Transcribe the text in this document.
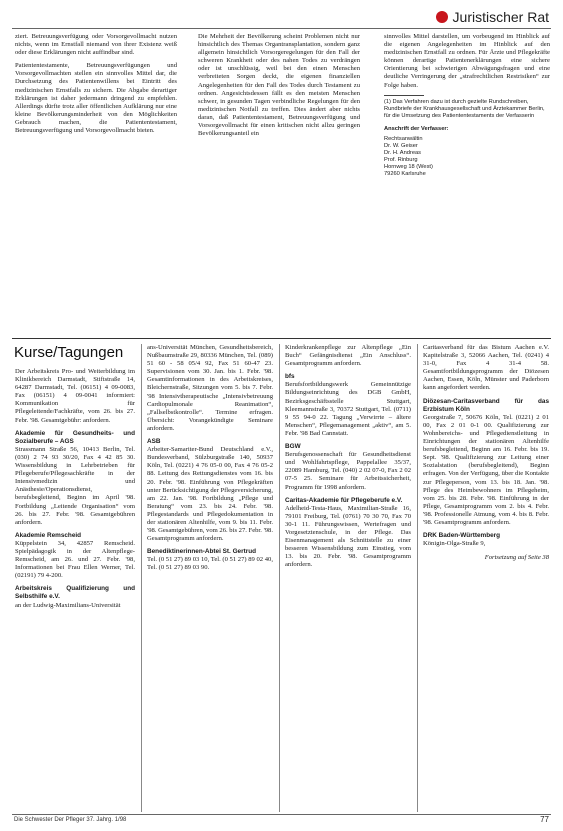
Juristischer Rat

ziert. Betreuungsverfügung oder Vorsorgevollmacht nutzen nichts, wenn im Ernstfall niemand von ihrer Existenz weiß oder diese Erklärungen nicht auffindbar sind.

Patiententestamente, Betreuungsverfügungen und Vorsorgevollmachten stellen ein sinnvolles Mittel dar, die Durchsetzung des Patientenwillens bei Eintritt des medizinischen Ernstfalls zu sichern. Die Abgabe derartiger Erklärungen ist daher jedermann dringend zu empfehlen. Allerdings dürfte trotz aller öffentlichen Aufklärung nur eine kleine Bevölkerungsminderheit von den Möglichkeiten Gebrauch machen, die Patiententestament, Betreuungsverfügung und Vorsorgevollmacht bieten.

Die Mehrheit der Bevölkerung scheint Problemen nicht nur hinsichtlich des Themas Organtransplantation, sondern ganz allgemein hinsichtlich Vorsorgeregelungen für den Fall der schweren Krankheit oder des nahen Todes zu verdrängen oder ist unschlüssig, weil bei den einen Menschen verbreiteten Sorgen deckt, die eigenen finanziellen Angelegenheiten für den Fall des Todes durch Testament zu ordnen. Angesichtsdessen fällt es den meisten Menschen schwer, in gesunden Tagen verbindliche Regelungen für den medizinischen Notfall zu treffen. Dies ändert aber nichts daran, daß Patiententestament, Betreuungsverfügung und Vorsorgevollmacht für einen kritischen nicht allzu geringen Bevölkerungsanteil ein

sinnvolles Mittel darstellen, um vorbeugend im Hinblick auf die eigenen Angelegenheiten im Hinblick auf den medizinischen Ernstfall zu ordnen. Für Ärzte und Pflegekräfte können derartige Patientenerklärungen eine sichere Orientierung bei schwierigen Abwägungsfragen und eine deutliche Verringerung der „strafrechtlichen Restrisiken“ zur Folge haben.

(1) Das Verfahren dazu ist durch gezielte Rundschreiben, Rundbriefe der Krankhausgesellschaft und Ärztekammer Berlin, für die Umsetzung des Patiententestaments der Verfasserin
Anschrift der Verfasser:
Rechtsanwältin
Dr. W. Geiser
Dr. H. Andreas
Prof. Rinburg
Hornweg 18 (West)
79260 Karlsruhe
Kurse/Tagungen

Der Arbeitskreis Pro- und Weiterbildung im Klinikbereich Darmstadt, Stiftstraße 14, 64287 Darmstadt, Tel. (06151) 4 09-0083, Fax (06151) 4 09-0041 informiert: Kommunikation für Pflegeleitende/Fachkräfte, vom 26. bis 27. Febr. '98. Gesamtgebühr: anfordern.

Akademie für Gesundheits- und Sozialberufe – AGS

Strassmann Straße 56, 10413 Berlin, Tel. (030) 2 74 93 30/20, Fax 4 42 85 30. Wissensbildung in Lehrbetrieben für Pflegeberufe/Pflegesachkräfte in der Intensivmedizin und Anästhesie/Operationsdienst, berufsbegleitend, Beginn im April '98. Fortbildung „Leitende Organisation“ vom 26. bis 27. Febr. '98. Gesamtgebühren anfordern.

Akademie Remscheid

Küppelstein 34, 42857 Remscheid. Spielpädagogik in der Altenpflege-Remscheid, am 26. und 27. Febr. '98, Informationen bei Frau Ellen Werner, Tel. (02191) 79 4-200.

Arbeitskreis Qualifizierung und Selbsthilfe e.V.

an der Ludwig-Maximilians-Universität

ans-Universität München, Gesundheitsbereich, Nußbaumstraße 29, 80336 München, Tel. (089) 51 60 - 58 05/4 92, Fax 51 60-47 23. Supervisionen vom 30. Jan. bis 1. Febr. '98. Gesamtinformationen in des Arbeitskreises, Bleichernstraße, Sitzungen vom 5. bis 7. Febr. '98 Intensivtherapeutische „Intensivbetreuung Cardiopulmonale Reanimation“, „Fallselbstkontrolle“. Termine erfragen. Übersicht: Vorangekündigte Seminare anfordern.

ASB

Arbeiter-Samariter-Bund Deutschland e.V., Bundesverband, Sülzburgstraße 140, 50937 Köln, Tel. (0221) 4 76 05-0 00, Fax 4 76 05-2 88. Leitung des Rettungsdienstes vom 16. bis 20. Febr. '98. Einführung von Pflegekräften unter Berücksichtigung der Pflegeversicherung, am 22. Jan. '98. Fortbildung „Pflege und Beratung“ vom 23. bis 24. Febr. '98. Pflegestandards und Pflegedokumentation in der stationären Altenhilfe, vom 9. bis 11. Febr. '98. Gesamtgebühren, vom 26. bis 27. Febr. '98. Gesamtprogramm anfordern.

Benediktinerinnen-Abtei St. Gertrud

Tel. (0 51 27) 89 03 10, Tel. (0 51 27) 89 02 40, Tel. (0 51 27) 89 03 90.

Kinderkrankenpflege zur Altenpflege „Ein Buch“ Gefängnisdienst „Ein Anschluss“. Gesamtprogramm anfordern.

bfs

Berufsfortbildungswerk Gemeinnützige Bildungseinrichtung des DGB GmbH, Bezirksgeschäftsstelle Stuttgart, Kleemannstraße 3, 70372 Stuttgart, Tel. (0711) 9 55 94-0 22. Tagung „Verwirrte – ältere Menschen“, Pflegemanagement „aktiv“, am 5. Febr. '98 Bad Cannstatt.

BGW

Berufsgenossenschaft für Gesundheitsdienst und Wohlfahrtspflege, Pappelallee 35/37, 22089 Hamburg, Tel. (040) 2 02 07-0, Fax 2 02 07-5 25. Seminare für Arbeitssicherheit, Programm für 1998 anfordern.

Caritas-Akademie für Pflegeberufe e.V.

Adelheid-Testa-Haus, Maximilian-Straße 16, 79101 Freiburg, Tel. (0761) 70 30 70, Fax 70 30-1 11. Führungswissen, Wertefragen und Vorgesetztenschule, in der Pflege. Das Eisenmanagement als Schnittstelle zu einer besseren Wissensbildung zum Einstieg, vom 13. bis 20. Febr. '98. Gesamtprogramm anfordern.

Caritasverband für das Bistum Aachen e.V. Kapitelstraße 3, 52066 Aachen, Tel. (0241) 4 31-0, Fax 4 31-4 58. Gesamtfortbildungsprogramm der Diözesen Aachen, Essen, Köln, Münster und Paderborn kann angefordert werden.

Diözesan-Caritasverband für das Erzbistum Köln

Georgstraße 7, 50676 Köln, Tel. (0221) 2 01 00, Fax 2 01 0-1 00. Qualifizierung zur Wohnbereichs- und Pflegedienstleitung in Einrichtungen der stationären Altenhilfe berufsbegleitend, Beginn am 16. Febr. bis 19. Sept. '98. Qualifizierung zur Leitung einer Sozialstation (berufsbegleitend), Beginn erfragen. Von der Verfügung, über die Kontakte zur Pflegeperson, vom 13. bis 18. Jan. '98. Pflege des Heimbewohners im Pflegeheim, vom 25. bis 28. Febr. '98. Einführung in der Pflege, Gesamtprogramm vom 2. bis 4. Febr. '98. Professionelle Atmung, vom 4. bis 8. Febr. '98. Gesamtprogramm anfordern.

DRK Baden-Württemberg

Königin-Olga-Straße 9,

Fortsetzung auf Seite 38

Die Schwester Der Pfleger 37. Jahrg. 1/98	77
